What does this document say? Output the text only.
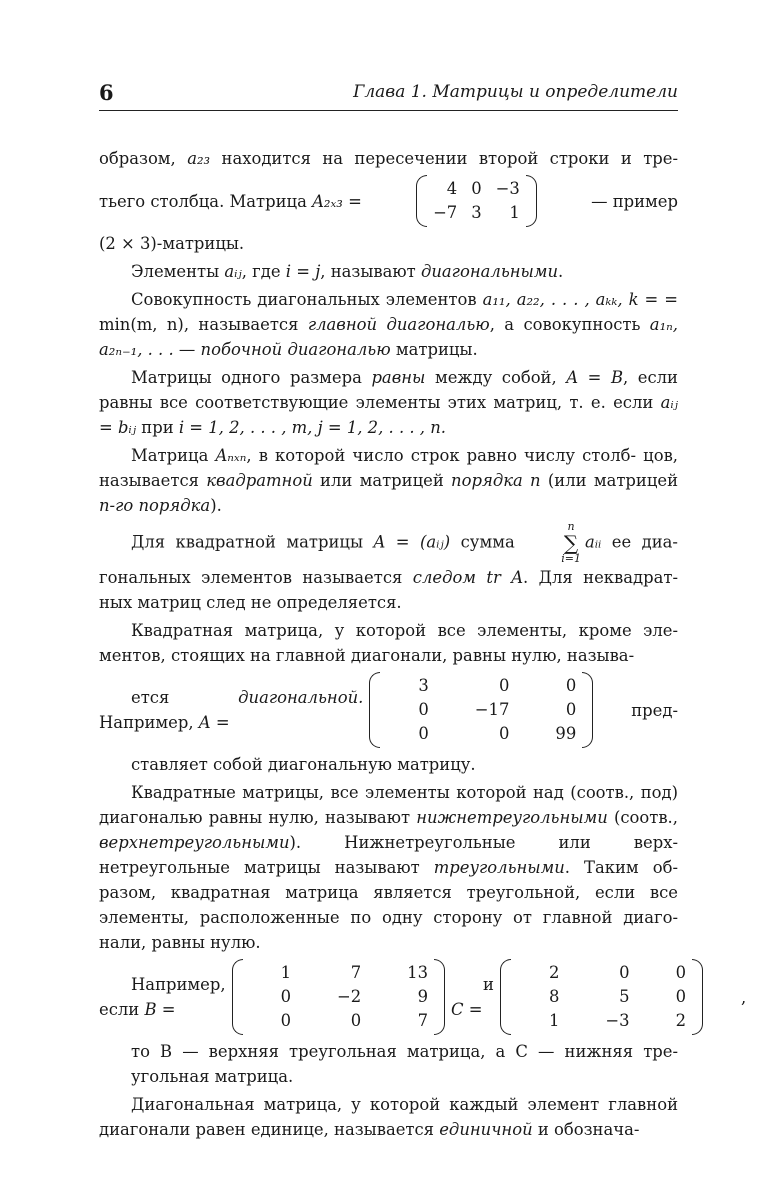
6	Глава 1. Матрицы и определители
образом, a₂₃ находится на пересечении второй строки и тре-
тьего столбца. Матрица A₂ₓ₃ =
4 0 −3
−7 3	1
— пример
(2 × 3)-матрицы.
Элементы aᵢⱼ, где i = j, называют диагональными.
Совокупность диагональных элементов a₁₁, a₂₂, . . . , aₖₖ, k = = min(m, n), называется главной диагональю, а совокупность a₁ₙ, a₂ₙ₋₁, . . . — побочной диагональю матрицы.
Матрицы одного размера равны между собой, A = B, если равны все соответствующие элементы этих матриц, т. е. если aᵢⱼ = bᵢⱼ при i = 1, 2, . . . , m, j = 1, 2, . . . , n.
Матрица Aₙₓₙ, в которой число строк равно числу столб- цов, называется квадратной или матрицей порядка n (или матрицей n-го порядка).
Для квадратной матрицы A = (aᵢⱼ) сумма
n
∑
i=1
aᵢᵢ ее диа- гональных элементов называется следом tr A. Для неквадрат- ных матриц след не определяется.
Квадратная матрица, у которой все элементы, кроме эле- ментов, стоящих на главной диагонали, равны нулю, называ-
ется	диагональной. Например, A =
3	0	0
0	−17	0
0	0	99
пред-
ставляет собой диагональную матрицу.
Квадратные матрицы, все элементы которой над (соотв., под) диагональю равны нулю, называют нижнетреугольными (соотв., верхнетреугольными). Нижнетреугольные или верх- нетреугольные матрицы называют треугольными. Таким об- разом, квадратная матрица является треугольной, если все элементы, расположенные по одну сторону от главной диаго- нали, равны нулю.
Например, если B =
1	7	13
0	−2	9
0	0	7
и C =
2	0	0
8	5	0
1	−3	2
,
то B — верхняя треугольная матрица, а C — нижняя тре-
угольная матрица.
Диагональная матрица, у которой каждый элемент главной диагонали равен единице, называется единичной и обознача-
